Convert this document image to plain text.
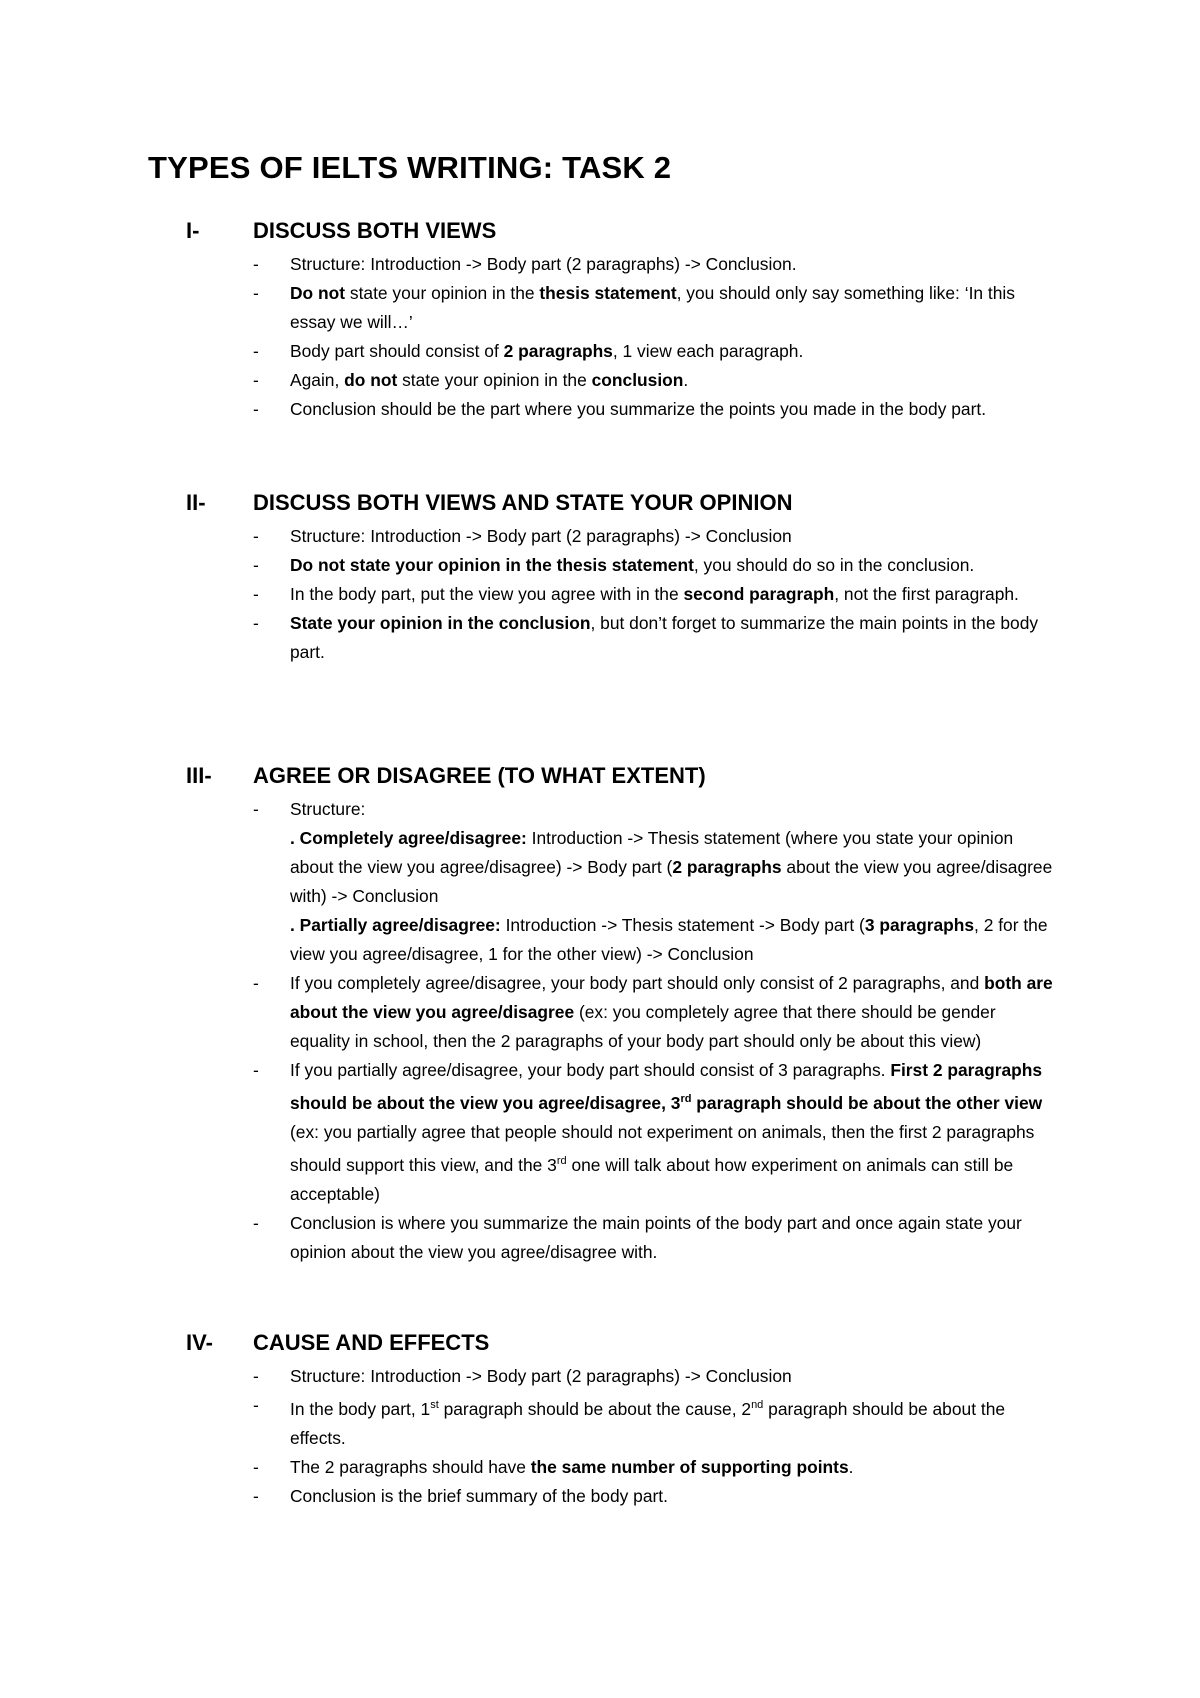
TYPES OF IELTS WRITING: TASK 2
I- DISCUSS BOTH VIEWS
- Structure: Introduction -> Body part (2 paragraphs) -> Conclusion.
- Do not state your opinion in the thesis statement, you should only say something like: ‘In this essay we will…’
- Body part should consist of 2 paragraphs, 1 view each paragraph.
- Again, do not state your opinion in the conclusion.
- Conclusion should be the part where you summarize the points you made in the body part.
II- DISCUSS BOTH VIEWS AND STATE YOUR OPINION
- Structure: Introduction -> Body part (2 paragraphs) -> Conclusion
- Do not state your opinion in the thesis statement, you should do so in the conclusion.
- In the body part, put the view you agree with in the second paragraph, not the first paragraph.
- State your opinion in the conclusion, but don’t forget to summarize the main points in the body part.
III- AGREE OR DISAGREE (TO WHAT EXTENT)
- Structure:
. Completely agree/disagree: Introduction -> Thesis statement (where you state your opinion about the view you agree/disagree) -> Body part (2 paragraphs about the view you agree/disagree with) -> Conclusion
. Partially agree/disagree: Introduction -> Thesis statement -> Body part (3 paragraphs, 2 for the view you agree/disagree, 1 for the other view) -> Conclusion
- If you completely agree/disagree, your body part should only consist of 2 paragraphs, and both are about the view you agree/disagree (ex: you completely agree that there should be gender equality in school, then the 2 paragraphs of your body part should only be about this view)
- If you partially agree/disagree, your body part should consist of 3 paragraphs. First 2 paragraphs should be about the view you agree/disagree, 3rd paragraph should be about the other view (ex: you partially agree that people should not experiment on animals, then the first 2 paragraphs should support this view, and the 3rd one will talk about how experiment on animals can still be acceptable)
- Conclusion is where you summarize the main points of the body part and once again state your opinion about the view you agree/disagree with.
IV- CAUSE AND EFFECTS
- Structure: Introduction -> Body part (2 paragraphs) -> Conclusion
- In the body part, 1st paragraph should be about the cause, 2nd paragraph should be about the effects.
- The 2 paragraphs should have the same number of supporting points.
- Conclusion is the brief summary of the body part.
